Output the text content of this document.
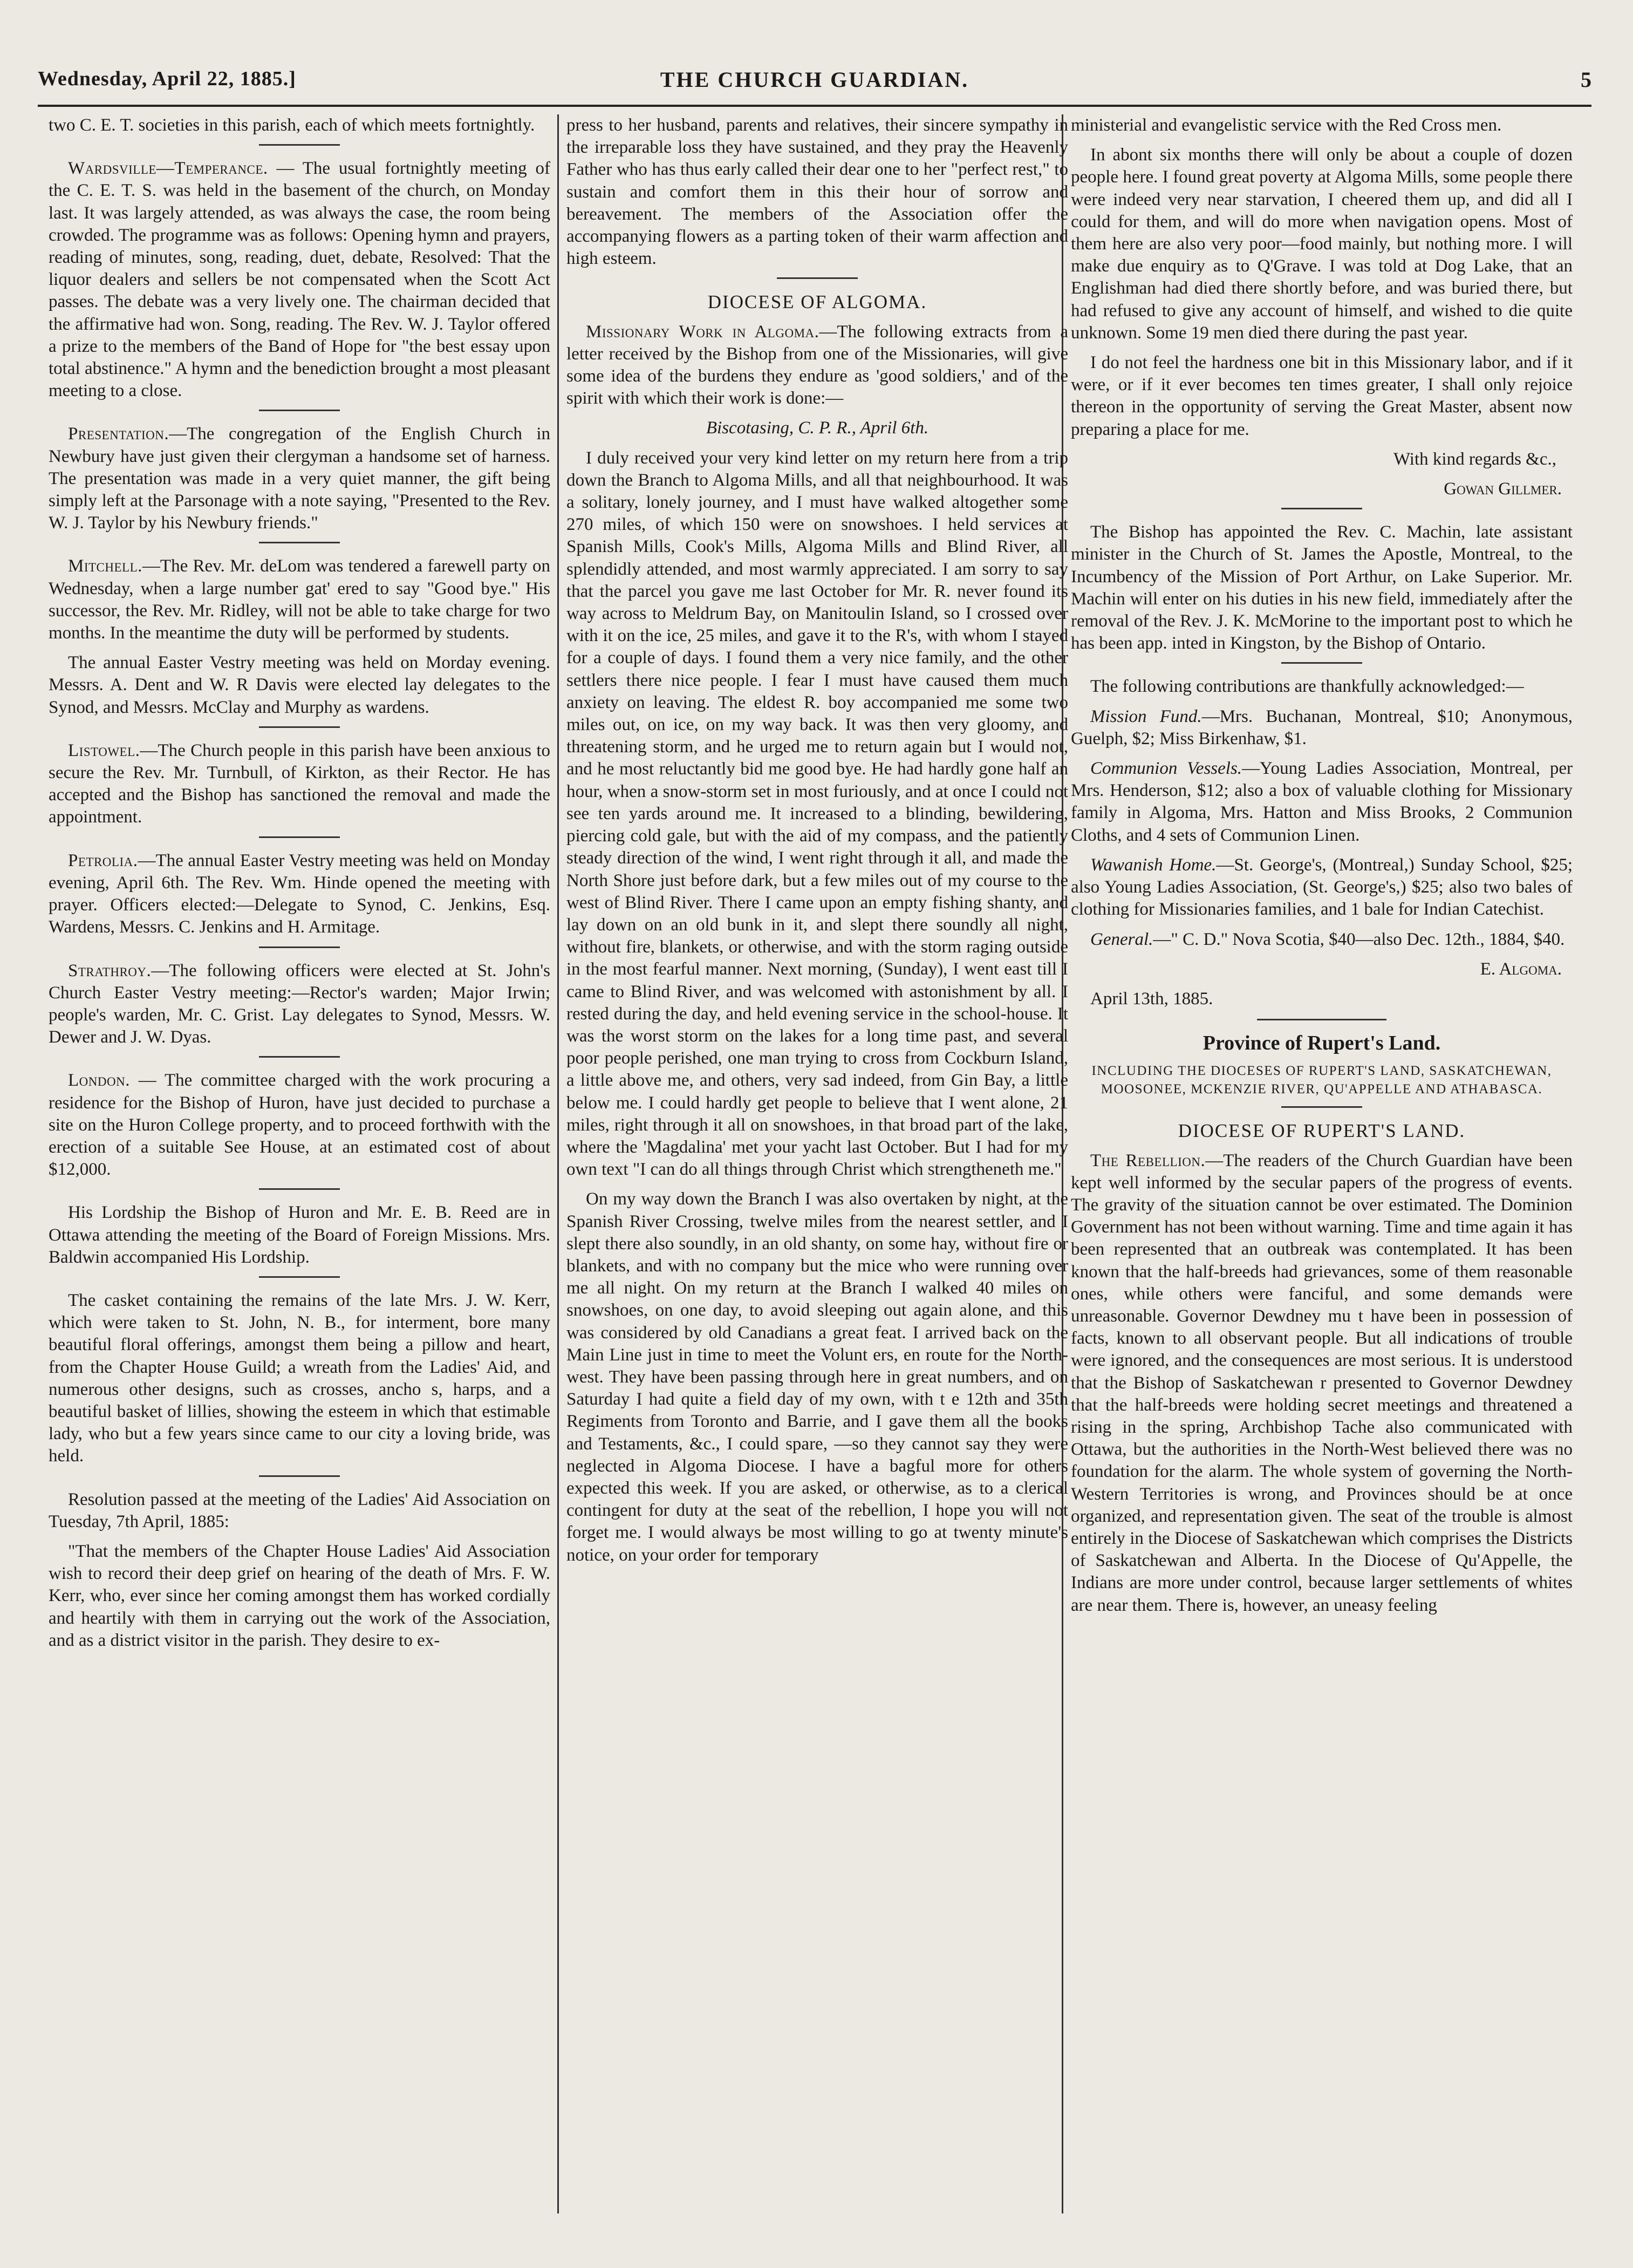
Wednesday, April 22, 1885.]	THE CHURCH GUARDIAN.	5

two C. E. T. societies in this parish, each of which meets fortnightly.

Wardsville—Temperance. — The usual fortnightly meeting of the C. E. T. S. was held in the basement of the church, on Monday last. It was largely attended, as was always the case, the room being crowded. The programme was as follows: Opening hymn and prayers, reading of minutes, song, reading, duet, debate, Resolved: That the liquor dealers and sellers be not compensated when the Scott Act passes. The debate was a very lively one. The chairman decided that the affirmative had won. Song, reading. The Rev. W. J. Taylor offered a prize to the members of the Band of Hope for "the best essay upon total abstinence." A hymn and the benediction brought a most pleasant meeting to a close.

Presentation.—The congregation of the English Church in Newbury have just given their clergyman a handsome set of harness. The presentation was made in a very quiet manner, the gift being simply left at the Parsonage with a note saying, "Presented to the Rev. W. J. Taylor by his Newbury friends."

Mitchell.—The Rev. Mr. deLom was tendered a farewell party on Wednesday, when a large number gat' ered to say "Good bye." His successor, the Rev. Mr. Ridley, will not be able to take charge for two months. In the meantime the duty will be performed by students.

The annual Easter Vestry meeting was held on Morday evening. Messrs. A. Dent and W. R Davis were elected lay delegates to the Synod, and Messrs. McClay and Murphy as wardens.

Listowel.—The Church people in this parish have been anxious to secure the Rev. Mr. Turnbull, of Kirkton, as their Rector. He has accepted and the Bishop has sanctioned the removal and made the appointment.

Petrolia.—The annual Easter Vestry meeting was held on Monday evening, April 6th. The Rev. Wm. Hinde opened the meeting with prayer. Officers elected:—Delegate to Synod, C. Jenkins, Esq. Wardens, Messrs. C. Jenkins and H. Armitage.

Strathroy.—The following officers were elected at St. John's Church Easter Vestry meeting:—Rector's warden; Major Irwin; people's warden, Mr. C. Grist. Lay delegates to Synod, Messrs. W. Dewer and J. W. Dyas.

London. — The committee charged with the work procuring a residence for the Bishop of Huron, have just decided to purchase a site on the Huron College property, and to proceed forthwith with the erection of a suitable See House, at an estimated cost of about $12,000.

His Lordship the Bishop of Huron and Mr. E. B. Reed are in Ottawa attending the meeting of the Board of Foreign Missions. Mrs. Baldwin accompanied His Lordship.

The casket containing the remains of the late Mrs. J. W. Kerr, which were taken to St. John, N. B., for interment, bore many beautiful floral offerings, amongst them being a pillow and heart, from the Chapter House Guild; a wreath from the Ladies' Aid, and numerous other designs, such as crosses, ancho s, harps, and a beautiful basket of lillies, showing the esteem in which that estimable lady, who but a few years since came to our city a loving bride, was held.

Resolution passed at the meeting of the Ladies' Aid Association on Tuesday, 7th April, 1885:

"That the members of the Chapter House Ladies' Aid Association wish to record their deep grief on hearing of the death of Mrs. F. W. Kerr, who, ever since her coming amongst them has worked cordially and heartily with them in carrying out the work of the Association, and as a district visitor in the parish. They desire to ex-

press to her husband, parents and relatives, their sincere sympathy in the irreparable loss they have sustained, and they pray the Heavenly Father who has thus early called their dear one to her "perfect rest," to sustain and comfort them in this their hour of sorrow and bereavement. The members of the Association offer the accompanying flowers as a parting token of their warm affection and high esteem.

DIOCESE OF ALGOMA.

Missionary Work in Algoma.—The following extracts from a letter received by the Bishop from one of the Missionaries, will give some idea of the burdens they endure as 'good soldiers,' and of the spirit with which their work is done:—

Biscotasing, C. P. R., April 6th.

I duly received your very kind letter on my return here from a trip down the Branch to Algoma Mills, and all that neighbourhood. It was a solitary, lonely journey, and I must have walked altogether some 270 miles, of which 150 were on snowshoes. I held services at Spanish Mills, Cook's Mills, Algoma Mills and Blind River, all splendidly attended, and most warmly appreciated. I am sorry to say that the parcel you gave me last October for Mr. R. never found its way across to Meldrum Bay, on Manitoulin Island, so I crossed over with it on the ice, 25 miles, and gave it to the R's, with whom I stayed for a couple of days. I found them a very nice family, and the other settlers there nice people. I fear I must have caused them much anxiety on leaving. The eldest R. boy accompanied me some two miles out, on ice, on my way back. It was then very gloomy, and threatening storm, and he urged me to return again but I would not, and he most reluctantly bid me good bye. He had hardly gone half an hour, when a snow-storm set in most furiously, and at once I could not see ten yards around me. It increased to a blinding, bewildering, piercing cold gale, but with the aid of my compass, and the patiently steady direction of the wind, I went right through it all, and made the North Shore just before dark, but a few miles out of my course to the west of Blind River. There I came upon an empty fishing shanty, and lay down on an old bunk in it, and slept there soundly all night, without fire, blankets, or otherwise, and with the storm raging outside in the most fearful manner. Next morning, (Sunday), I went east till I came to Blind River, and was welcomed with astonishment by all. I rested during the day, and held evening service in the school-house. It was the worst storm on the lakes for a long time past, and several poor people perished, one man trying to cross from Cockburn Island, a little above me, and others, very sad indeed, from Gin Bay, a little below me. I could hardly get people to believe that I went alone, 21 miles, right through it all on snowshoes, in that broad part of the lake, where the 'Magdalina' met your yacht last October. But I had for my own text "I can do all things through Christ which strengtheneth me."

On my way down the Branch I was also overtaken by night, at the Spanish River Crossing, twelve miles from the nearest settler, and I slept there also soundly, in an old shanty, on some hay, without fire or blankets, and with no company but the mice who were running over me all night. On my return at the Branch I walked 40 miles on snowshoes, on one day, to avoid sleeping out again alone, and this was considered by old Canadians a great feat. I arrived back on the Main Line just in time to meet the Volunt ers, en route for the North-west. They have been passing through here in great numbers, and on Saturday I had quite a field day of my own, with t e 12th and 35th Regiments from Toronto and Barrie, and I gave them all the books and Testaments, &c., I could spare, —so they cannot say they were neglected in Algoma Diocese. I have a bagful more for others expected this week. If you are asked, or otherwise, as to a clerical contingent for duty at the seat of the rebellion, I hope you will not forget me. I would always be most willing to go at twenty minute's notice, on your order for temporary

ministerial and evangelistic service with the Red Cross men.

In abont six months there will only be about a couple of dozen people here. I found great poverty at Algoma Mills, some people there were indeed very near starvation, I cheered them up, and did all I could for them, and will do more when navigation opens. Most of them here are also very poor—food mainly, but nothing more. I will make due enquiry as to Q'Grave. I was told at Dog Lake, that an Englishman had died there shortly before, and was buried there, but had refused to give any account of himself, and wished to die quite unknown. Some 19 men died there during the past year.

I do not feel the hardness one bit in this Missionary labor, and if it were, or if it ever becomes ten times greater, I shall only rejoice thereon in the opportunity of serving the Great Master, absent now preparing a place for me.

With kind regards &c.,

Gowan Gillmer.

The Bishop has appointed the Rev. C. Machin, late assistant minister in the Church of St. James the Apostle, Montreal, to the Incumbency of the Mission of Port Arthur, on Lake Superior. Mr. Machin will enter on his duties in his new field, immediately after the removal of the Rev. J. K. McMorine to the important post to which he has been app. inted in Kingston, by the Bishop of Ontario.

The following contributions are thankfully acknowledged:—

Mission Fund.—Mrs. Buchanan, Montreal, $10; Anonymous, Guelph, $2; Miss Birkenhaw, $1.

Communion Vessels.—Young Ladies Association, Montreal, per Mrs. Henderson, $12; also a box of valuable clothing for Missionary family in Algoma, Mrs. Hatton and Miss Brooks, 2 Communion Cloths, and 4 sets of Communion Linen.

Wawanish Home.—St. George's, (Montreal,) Sunday School, $25; also Young Ladies Association, (St. George's,) $25; also two bales of clothing for Missionaries families, and 1 bale for Indian Catechist.

General.—" C. D." Nova Scotia, $40—also Dec. 12th., 1884, $40.

E. Algoma.

April 13th, 1885.

Province of Rupert's Land.

INCLUDING THE DIOCESES OF RUPERT'S LAND, SASKATCHEWAN, MOOSONEE, MCKENZIE RIVER, QU'APPELLE AND ATHABASCA.

DIOCESE OF RUPERT'S LAND.

The Rebellion.—The readers of the Church Guardian have been kept well informed by the secular papers of the progress of events. The gravity of the situation cannot be over estimated. The Dominion Government has not been without warning. Time and time again it has been represented that an outbreak was contemplated. It has been known that the half-breeds had grievances, some of them reasonable ones, while others were fanciful, and some demands were unreasonable. Governor Dewdney mu t have been in possession of facts, known to all observant people. But all indications of trouble were ignored, and the consequences are most serious. It is understood that the Bishop of Saskatchewan r presented to Governor Dewdney that the half-breeds were holding secret meetings and threatened a rising in the spring, Archbishop Tache also communicated with Ottawa, but the authorities in the North-West believed there was no foundation for the alarm. The whole system of governing the North-Western Territories is wrong, and Provinces should be at once organized, and representation given. The seat of the trouble is almost entirely in the Diocese of Saskatchewan which comprises the Districts of Saskatchewan and Alberta. In the Diocese of Qu'Appelle, the Indians are more under control, because larger settlements of whites are near them. There is, however, an uneasy feeling
